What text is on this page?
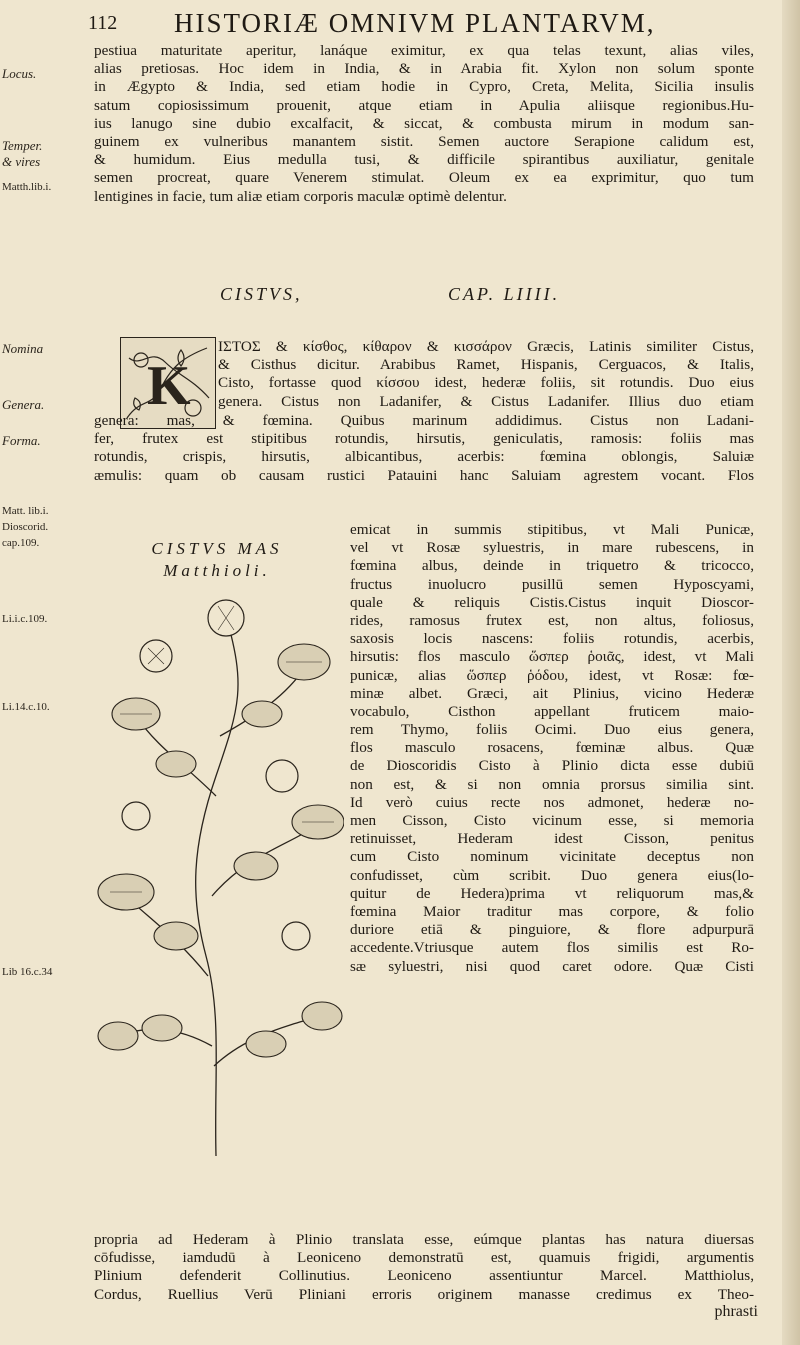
112 HISTORIÆ OMNIVM PLANTARVM,
Locus.
Temper.
& vires
Matth.lib.i.
Nomina
Genera.
Forma.
Matt. lib.i.
Dioscorid.
cap.109.
Li.i.c.109.
Li.14.c.10.
Lib 16.c.34
pestiua maturitate aperitur, lanáque eximitur, ex qua telas texunt, alias viles,
alias pretiosas. Hoc idem in India, & in Arabia fit. Xylon non solum sponte
in Ægypto & India, sed etiam hodie in Cypro, Creta, Melita, Sicilia insulis
satum copiosissimum prouenit, atque etiam in Apulia aliisque regionibus.Hu-
ius lanugo sine dubio excalfacit, & siccat, & combusta mirum in modum san-
guinem ex vulneribus manantem sistit. Semen auctore Serapione calidum est,
& humidum. Eius medulla tusi, & difficile spirantibus auxiliatur, genitale
semen procreat, quare Venerem stimulat. Oleum ex ea exprimitur, quo tum
lentigines in facie, tum aliæ etiam corporis maculæ optimè delentur.
CISTVS,	CAP. LIIII.
K
ΙΣΤΟΣ & κίσθος, κίθαρον & κισσάρον Græcis, Latinis similiter Cistus,
& Cisthus dicitur. Arabibus Ramet, Hispanis, Cerguacos, & Italis,
Cisto, fortasse quod κίσσου idest, hederæ foliis, sit rotundis. Duo eius
genera. Cistus non Ladanifer, & Cistus Ladanifer. Illius duo etiam
genera: mas, & fœmina. Quibus marinum addidimus. Cistus non Ladani-
fer, frutex est stipitibus rotundis, hirsutis, geniculatis, ramosis: foliis mas
rotundis, crispis, hirsutis, albicantibus, acerbis: fœmina oblongis, Saluiæ
æmulis: quam ob causam rustici Patauini hanc Saluiam agrestem vocant. Flos
CISTVS MAS
Matthioli.
emicat in summis stipitibus, vt Mali Punicæ,
vel vt Rosæ syluestris, in mare rubescens, in
fœmina albus, deinde in triquetro & tricocco,
fructus inuolucro pusillū semen Hyposcyami,
quale & reliquis Cistis.Cistus inquit Dioscor-
rides, ramosus frutex est, non altus, foliosus,
saxosis locis nascens: foliis rotundis, acerbis,
hirsutis: flos masculo ὥσπερ ῥοιᾶς, idest, vt Mali
punicæ, alias ὥσπερ ῥόδου, idest, vt Rosæ: fœ-
minæ albet. Græci, ait Plinius, vicino Hederæ
vocabulo, Cisthon appellant fruticem maio-
rem Thymo, foliis Ocimi. Duo eius genera,
flos masculo rosacens, fœminæ albus. Quæ
de Dioscoridis Cisto à Plinio dicta esse dubiū
non est, & si non omnia prorsus similia sint.
Id verò cuius recte nos admonet, hederæ no-
men Cisson, Cisto vicinum esse, si memoria
retinuisset, Hederam idest Cisson, penitus
cum Cisto nominum vicinitate deceptus non
confudisset, cùm scribit. Duo genera eius(lo-
quitur de Hedera)prima vt reliquorum mas,&
fœmina Maior traditur mas corpore, & folio
duriore etiā & pinguiore, & flore adpurpurā
accedente.Vtriusque autem flos similis est Ro-
sæ syluestri, nisi quod caret odore. Quæ Cisti
propria ad Hederam à Plinio translata esse, eúmque plantas has natura diuersas
cōfudisse, iamdudū à Leoniceno demonstratū est, quamuis frigidi, argumentis
Plinium defenderit Collinutius. Leoniceno assentiuntur Marcel. Matthiolus,
Cordus, Ruellius Verū Pliniani erroris originem manasse credimus ex Theo-
phrasti
